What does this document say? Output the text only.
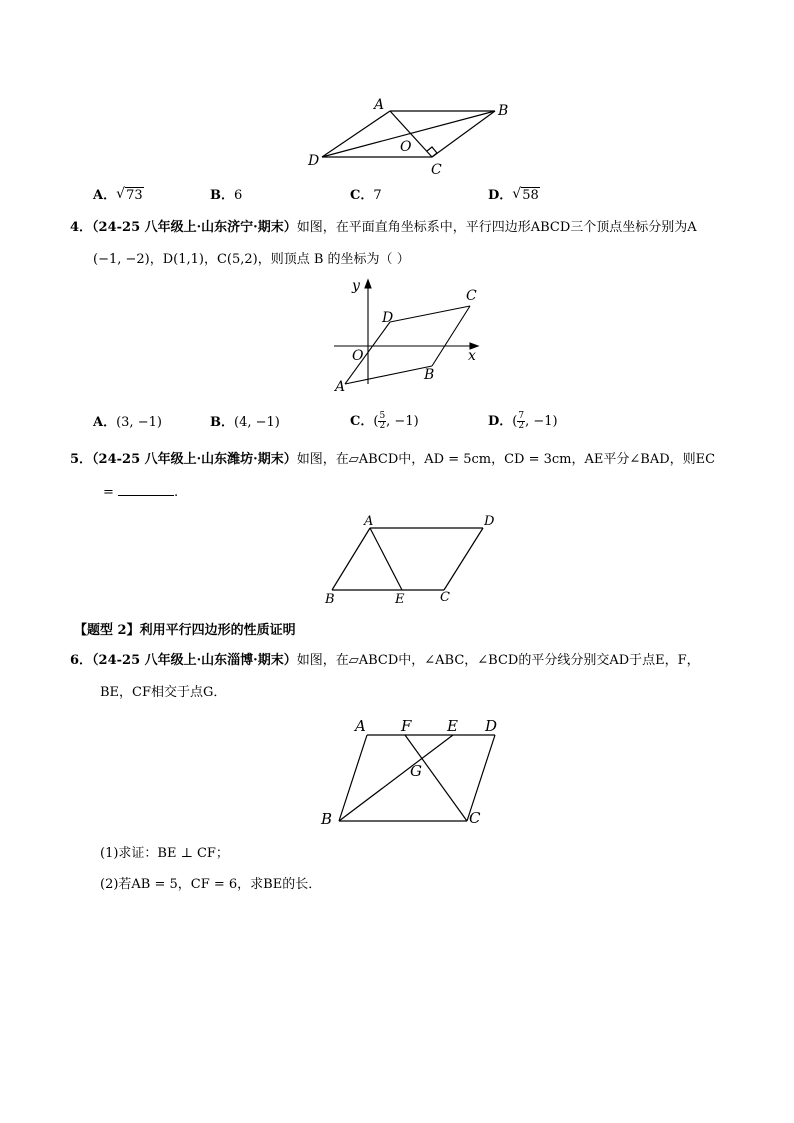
A	B
C
D
O
A． √ 73	B．6	C．7	D． √ 58
4．（24-25 八年级上·山东济宁·期末）如图，在平面直角坐标系中，平行四边形ABCD三个顶点坐标分别为A
(−1, −2)，D(1,1)，C(5,2)，则顶点 B 的坐标为（ ）
y
x
O
A
B
C
D
A．(3, −1)	B．(4, −1)	C．( $\frac{5}{2}$ , −1)	D．( $\frac{7}{2}$ , −1)
5．（24-25 八年级上·山东潍坊·期末）如图，在▱ABCD中，AD = 5cm，CD = 3cm，AE平分∠BAD，则EC
=	.
A	D
B	E	C
【题型 2】利用平行四边形的性质证明
6．（24-25 八年级上·山东淄博·期末）如图，在▱ABCD中，∠ABC，∠BCD的平分线分别交AD于点E，F，
BE，CF相交于点G．
A F E D
G
B	C
(1)求证：BE ⊥ CF；
(2)若AB = 5，CF = 6，求BE的长．
